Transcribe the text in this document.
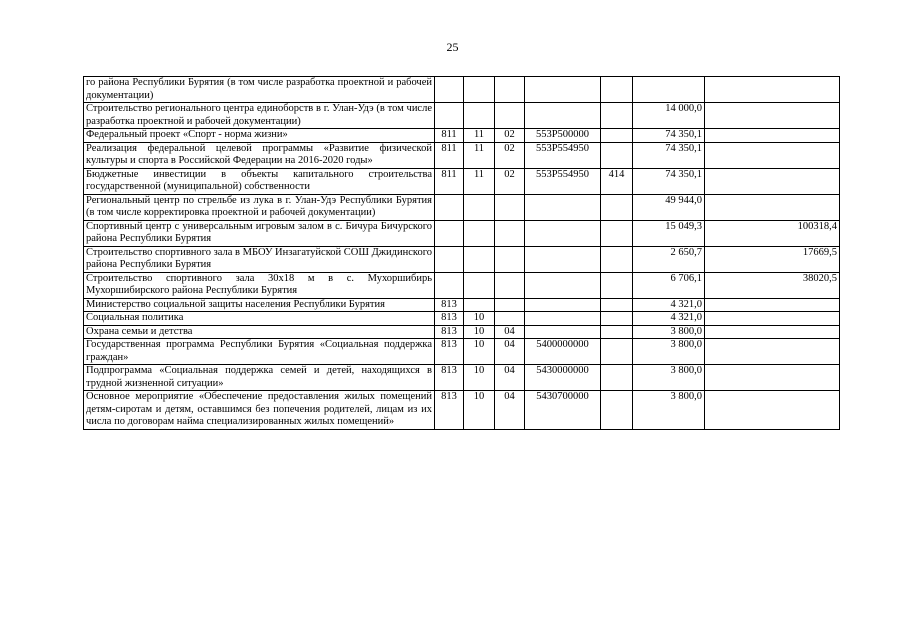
25
го района Республики Бурятия (в том числе разработка проектной и рабочей документации)							
Строительство регионального центра единоборств в г. Улан-Удэ (в том числе разработка проектной и рабочей документации)						14 000,0	
Федеральный проект «Спорт - норма жизни»	811	11	02	553Р500000		74 350,1	
Реализация федеральной целевой программы «Развитие физической культуры и спорта в Российской Федерации на 2016-2020 годы»	811	11	02	553Р554950		74 350,1	
Бюджетные инвестиции в объекты капитального строительства государственной (муниципальной) собственности	811	11	02	553Р554950	414	74 350,1	
Региональный центр по стрельбе из лука в г. Улан-Удэ Республики Бурятия (в том числе корректировка проектной и рабочей документации)						49 944,0	
Спортивный центр с универсальным игровым залом в с. Бичура Бичурского района Республики Бурятия						15 049,3	100318,4
Строительство спортивного зала в МБОУ Инзагатуйской СОШ Джидинского района Республики Бурятия						2 650,7	17669,5
Строительство спортивного зала 30х18 м в с. Мухоршибирь Мухоршибирского района Республики Бурятия						6 706,1	38020,5
Министерство социальной защиты населения Республики Бурятия	813					4 321,0	
Социальная политика	813	10				4 321,0	
Охрана семьи и детства	813	10	04			3 800,0	
Государственная программа Республики Бурятия «Социальная поддержка граждан»	813	10	04	5400000000		3 800,0	
Подпрограмма «Социальная поддержка семей и детей, находящихся в трудной жизненной ситуации»	813	10	04	5430000000		3 800,0	
Основное мероприятие «Обеспечение предоставления жилых помещений детям-сиротам и детям, оставшимся без попечения родителей, лицам из их числа по договорам найма специализированных жилых помещений»	813	10	04	5430700000		3 800,0	
